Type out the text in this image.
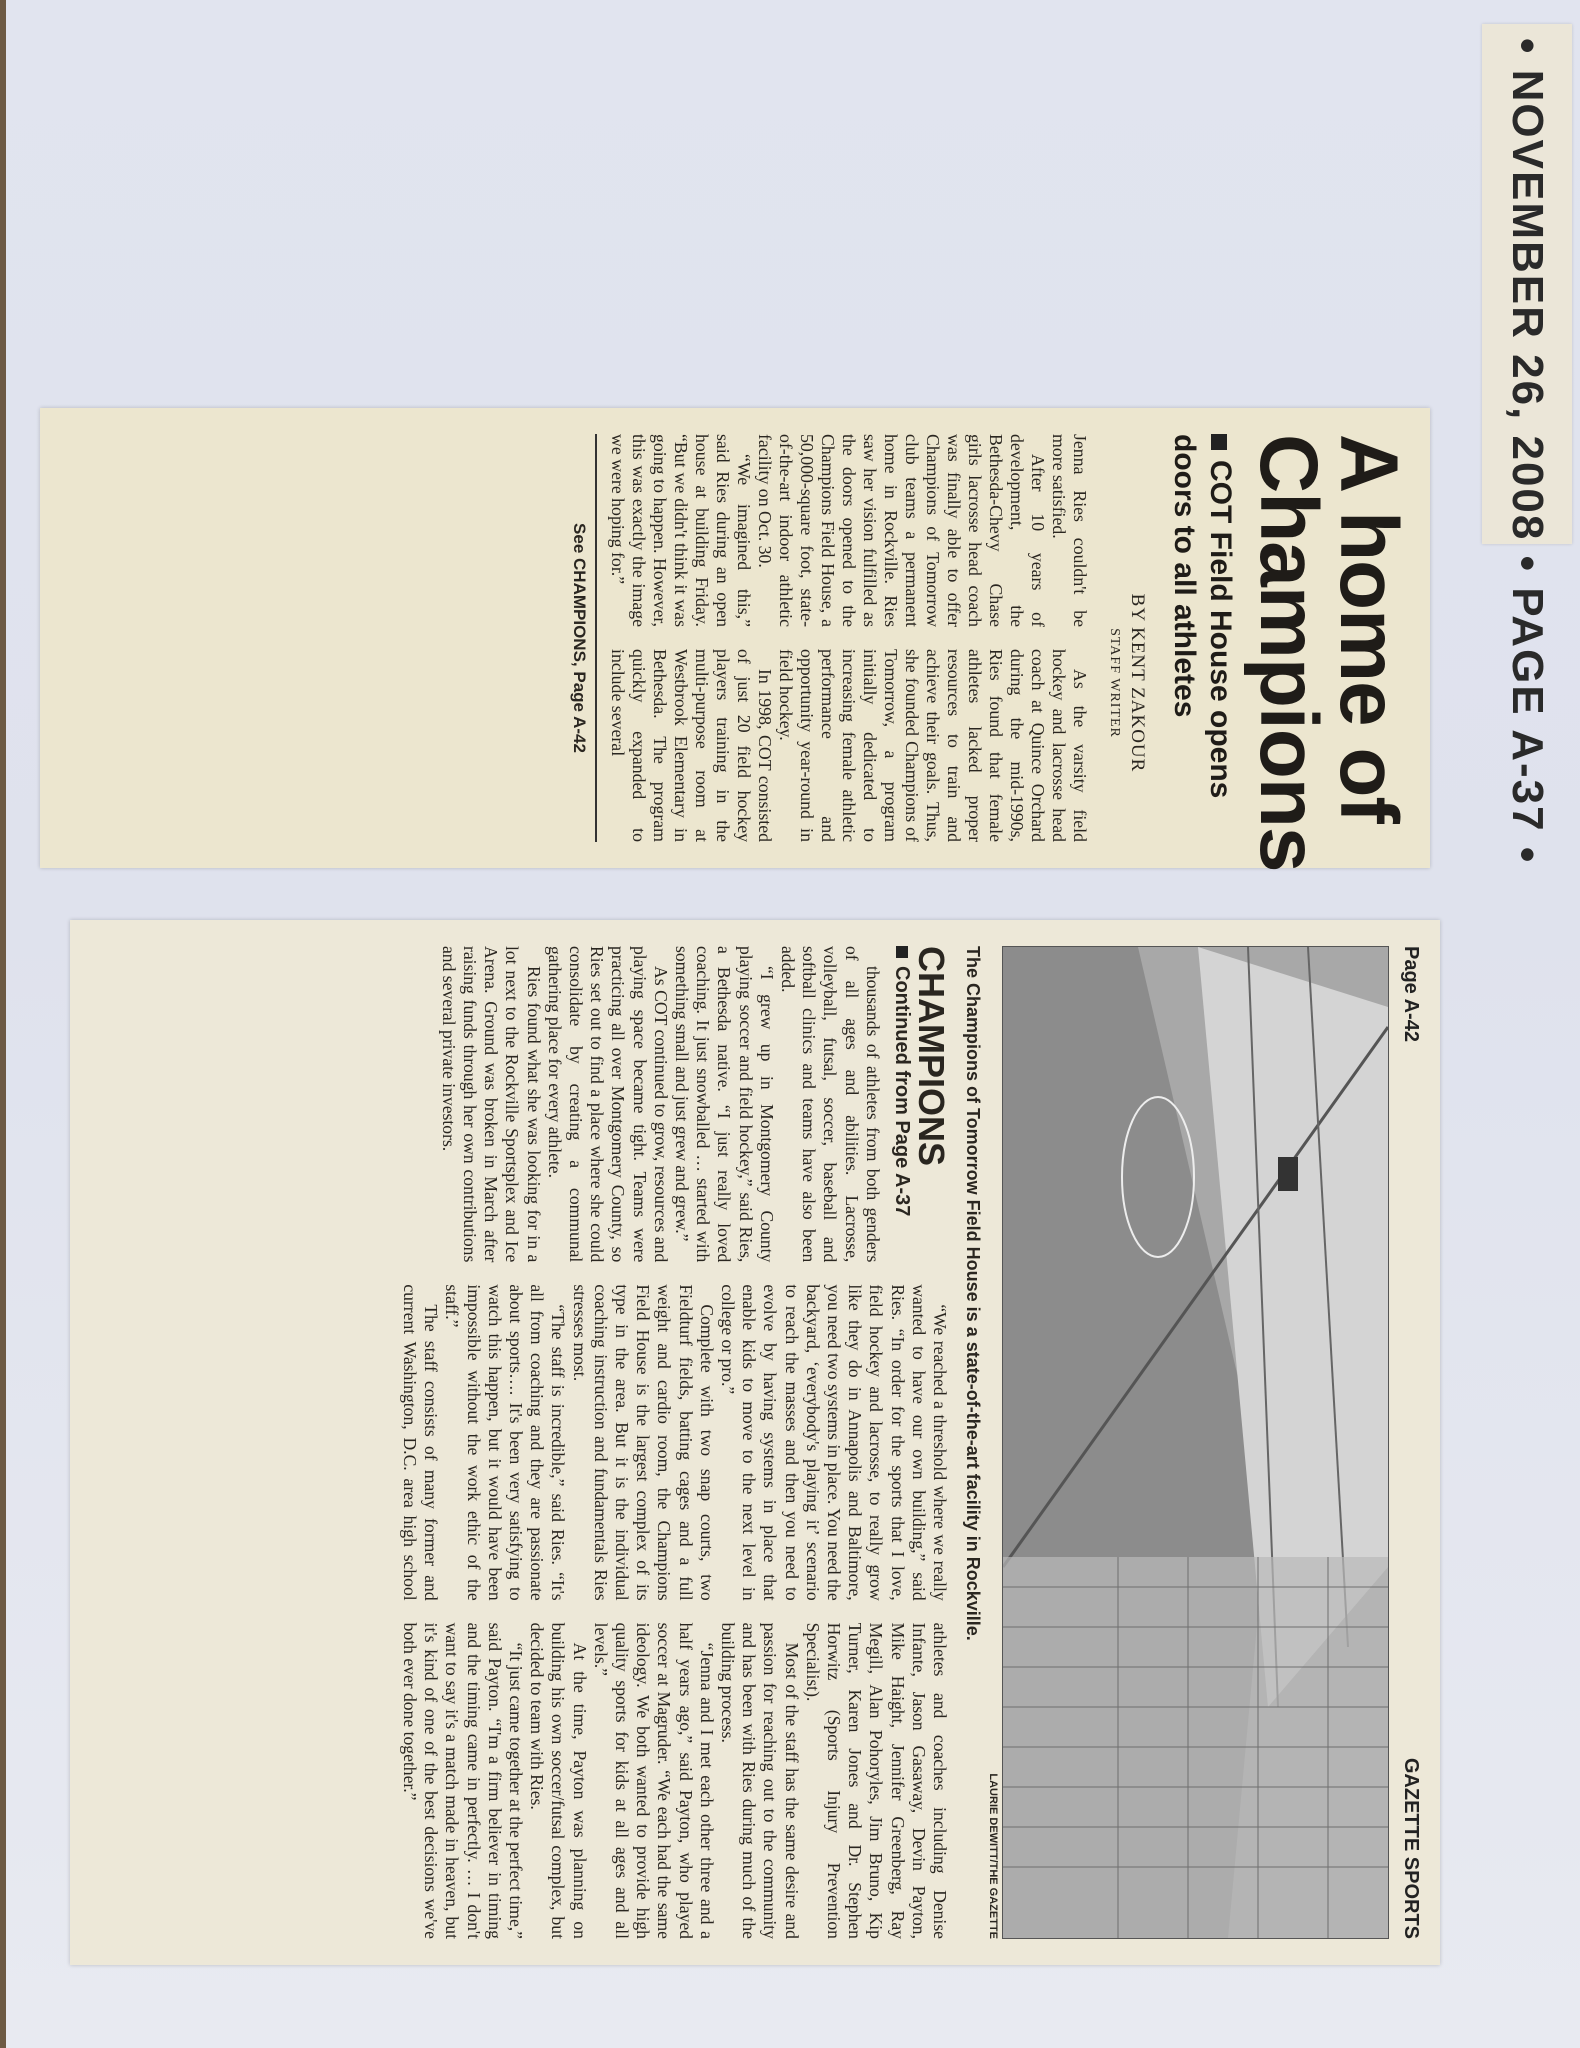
• NOVEMBER 26, 2008 • PAGE A-37 •
A home of Champions
COT Field House opens doors to all athletes
BY KENT ZAKOUR
STAFF WRITER

Jenna Ries couldn't be more satisfied.

After 10 years of development, the Bethesda-Chevy Chase girls lacrosse head coach was finally able to offer Champions of Tomorrow club teams a permanent home in Rockville. Ries saw her vision fulfilled as the doors opened to the Champions Field House, a 50,000-square foot, state-of-the-art indoor athletic facility on Oct. 30.

“We imagined this,” said Ries during an open house at building Friday. “But we didn't think it was going to happen. However, this was exactly the image we were hoping for.”

As the varsity field hockey and lacrosse head coach at Quince Orchard during the mid-1990s, Ries found that female athletes lacked proper resources to train and achieve their goals. Thus, she founded Champions of Tomorrow, a program initially dedicated to increasing female athletic performance and opportunity year-round in field hockey.

In 1998, COT consisted of just 20 field hockey players training in the multi-purpose room at Westbrook Elementary in Bethesda. The program quickly expanded to include several

See CHAMPIONS, Page A-42
Page A-42
GAZETTE SPORTS
LAURIE DEWITT/THE GAZETTE
The Champions of Tomorrow Field House is a state-of-the-art facility in Rockville.
CHAMPIONS
Continued from Page A-37

thousands of athletes from both genders of all ages and abilities. Lacrosse, volleyball, futsal, soccer, baseball and softball clinics and teams have also been added.

“I grew up in Montgomery County playing soccer and field hockey,” said Ries, a Bethesda native. “I just really loved coaching. It just snowballed … started with something small and just grew and grew.”

As COT continued to grow, resources and playing space became tight. Teams were practicing all over Montgomery County, so Ries set out to find a place where she could consolidate by creating a communal gathering place for every athlete.

Ries found what she was looking for in a lot next to the Rockville Sportsplex and Ice Arena. Ground was broken in March after raising funds through her own contributions and several private investors.

“We reached a threshold where we really wanted to have our own building,” said Ries. “In order for the sports that I love, field hockey and lacrosse, to really grow like they do in Annapolis and Baltimore, you need two systems in place. You need the backyard, ‘everybody's playing it’ scenario to reach the masses and then you need to evolve by having systems in place that enable kids to move to the next level in college or pro.”

Complete with two snap courts, two Fieldturf fields, batting cages and a full weight and cardio room, the Champions Field House is the largest complex of its type in the area. But it is the individual coaching instruction and fundamentals Ries stresses most.

“The staff is incredible,” said Ries. “It's all from coaching and they are passionate about sports…. It's been very satisfying to watch this happen, but it would have been impossible without the work ethic of the staff.”

The staff consists of many former and current Washington, D.C. area high school athletes and coaches including Denise Infante, Jason Gasaway, Devin Payton, Mike Haight, Jennifer Greenberg, Ray Megill, Alan Pohoryles, Jim Bruno, Kip Turner, Karen Jones and Dr. Stephen Horwitz (Sports Injury Prevention Specialist).

Most of the staff has the same desire and passion for reaching out to the community and has been with Ries during much of the building process.

“Jenna and I met each other three and a half years ago,” said Payton, who played soccer at Magruder. “We each had the same ideology. We both wanted to provide high quality sports for kids at all ages and all levels.”

At the time, Payton was planning on building his own soccer/futsal complex, but decided to team with Ries.

“It just came together at the perfect time,” said Payton. “I'm a firm believer in timing and the timing came in perfectly. … I don't want to say it's a match made in heaven, but it's kind of one of the best decisions we've both ever done together.”
